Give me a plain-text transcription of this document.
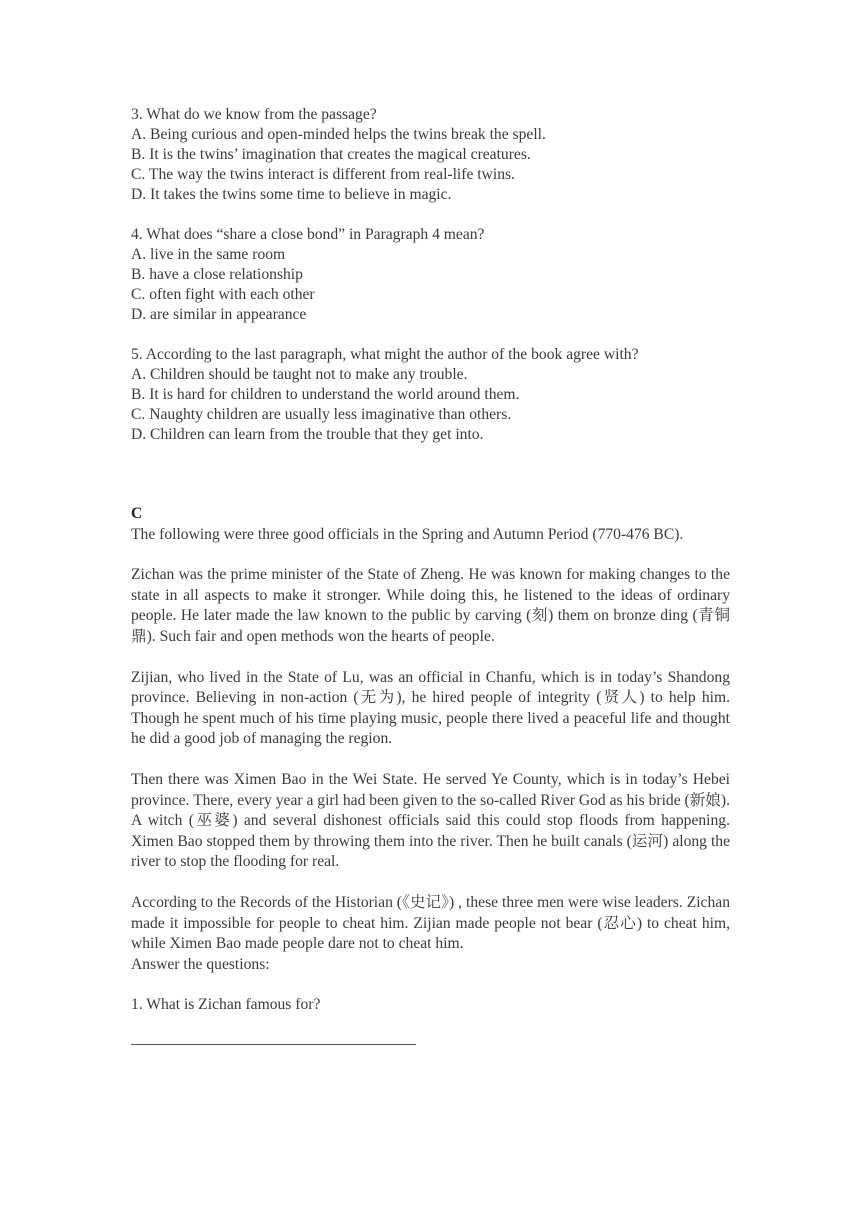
3. What do we know from the passage?
A. Being curious and open-minded helps the twins break the spell.
B. It is the twins’ imagination that creates the magical creatures.
C. The way the twins interact is different from real-life twins.
D. It takes the twins some time to believe in magic.
4. What does “share a close bond” in Paragraph 4 mean?
A. live in the same room
B. have a close relationship
C. often fight with each other
D. are similar in appearance
5. According to the last paragraph, what might the author of the book agree with?
A. Children should be taught not to make any trouble.
B. It is hard for children to understand the world around them.
C. Naughty children are usually less imaginative than others.
D. Children can learn from the trouble that they get into.
C

The following were three good officials in the Spring and Autumn Period (770-476 BC).

Zichan was the prime minister of the State of Zheng. He was known for making changes to the state in all aspects to make it stronger. While doing this, he listened to the ideas of ordinary people. He later made the law known to the public by carving (刻) them on bronze ding (青铜鼎). Such fair and open methods won the hearts of people.

Zijian, who lived in the State of Lu, was an official in Chanfu, which is in today’s Shandong province. Believing in non-action (无为), he hired people of integrity (贤人) to help him. Though he spent much of his time playing music, people there lived a peaceful life and thought he did a good job of managing the region.

Then there was Ximen Bao in the Wei State. He served Ye County, which is in today’s Hebei province. There, every year a girl had been given to the so-called River God as his bride (新娘). A witch (巫婆) and several dishonest officials said this could stop floods from happening. Ximen Bao stopped them by throwing them into the river. Then he built canals (运河) along the river to stop the flooding for real.

According to the Records of the Historian (《史记》) , these three men were wise leaders. Zichan made it impossible for people to cheat him. Zijian made people not bear (忍心) to cheat him, while Ximen Bao made people dare not to cheat him.

Answer the questions:

1. What is Zichan famous for?
